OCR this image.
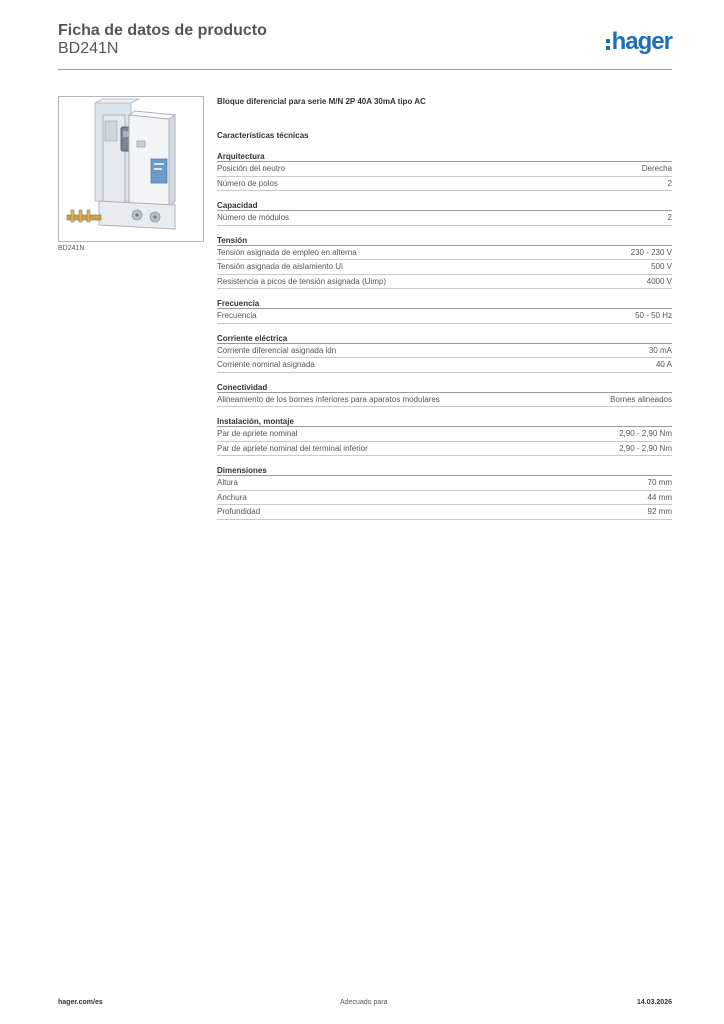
Ficha de datos de producto
BD241N	hager
BD241N
Bloque diferencial para serie M/N 2P 40A 30mA tipo AC
Características técnicas
Arquitectura
Posición del neutro	Derecha
Número de polos	2
Capacidad
Número de módulos	2
Tensión
Tensión asignada de empleo en alterna	230 - 230 V
Tensión asignada de aislamiento Ui	500 V
Resistencia a picos de tensión asignada (Uimp)	4000 V
Frecuencia
Frecuencia	50 - 50 Hz
Corriente eléctrica
Corriente diferencial asignada idn	30 mA
Corriente nominal asignada	40 A
Conectividad
Alineamiento de los bornes inferiores para aparatos modulares	Bornes alineados
Instalación, montaje
Par de apriete nominal	2,90 - 2,90 Nm
Par de apriete nominal del terminal inferior	2,90 - 2,90 Nm
Dimensiones
Altura	70 mm
Anchura	44 mm
Profundidad	92 mm
hager.com/es	Adecuado para	14.03.2026
